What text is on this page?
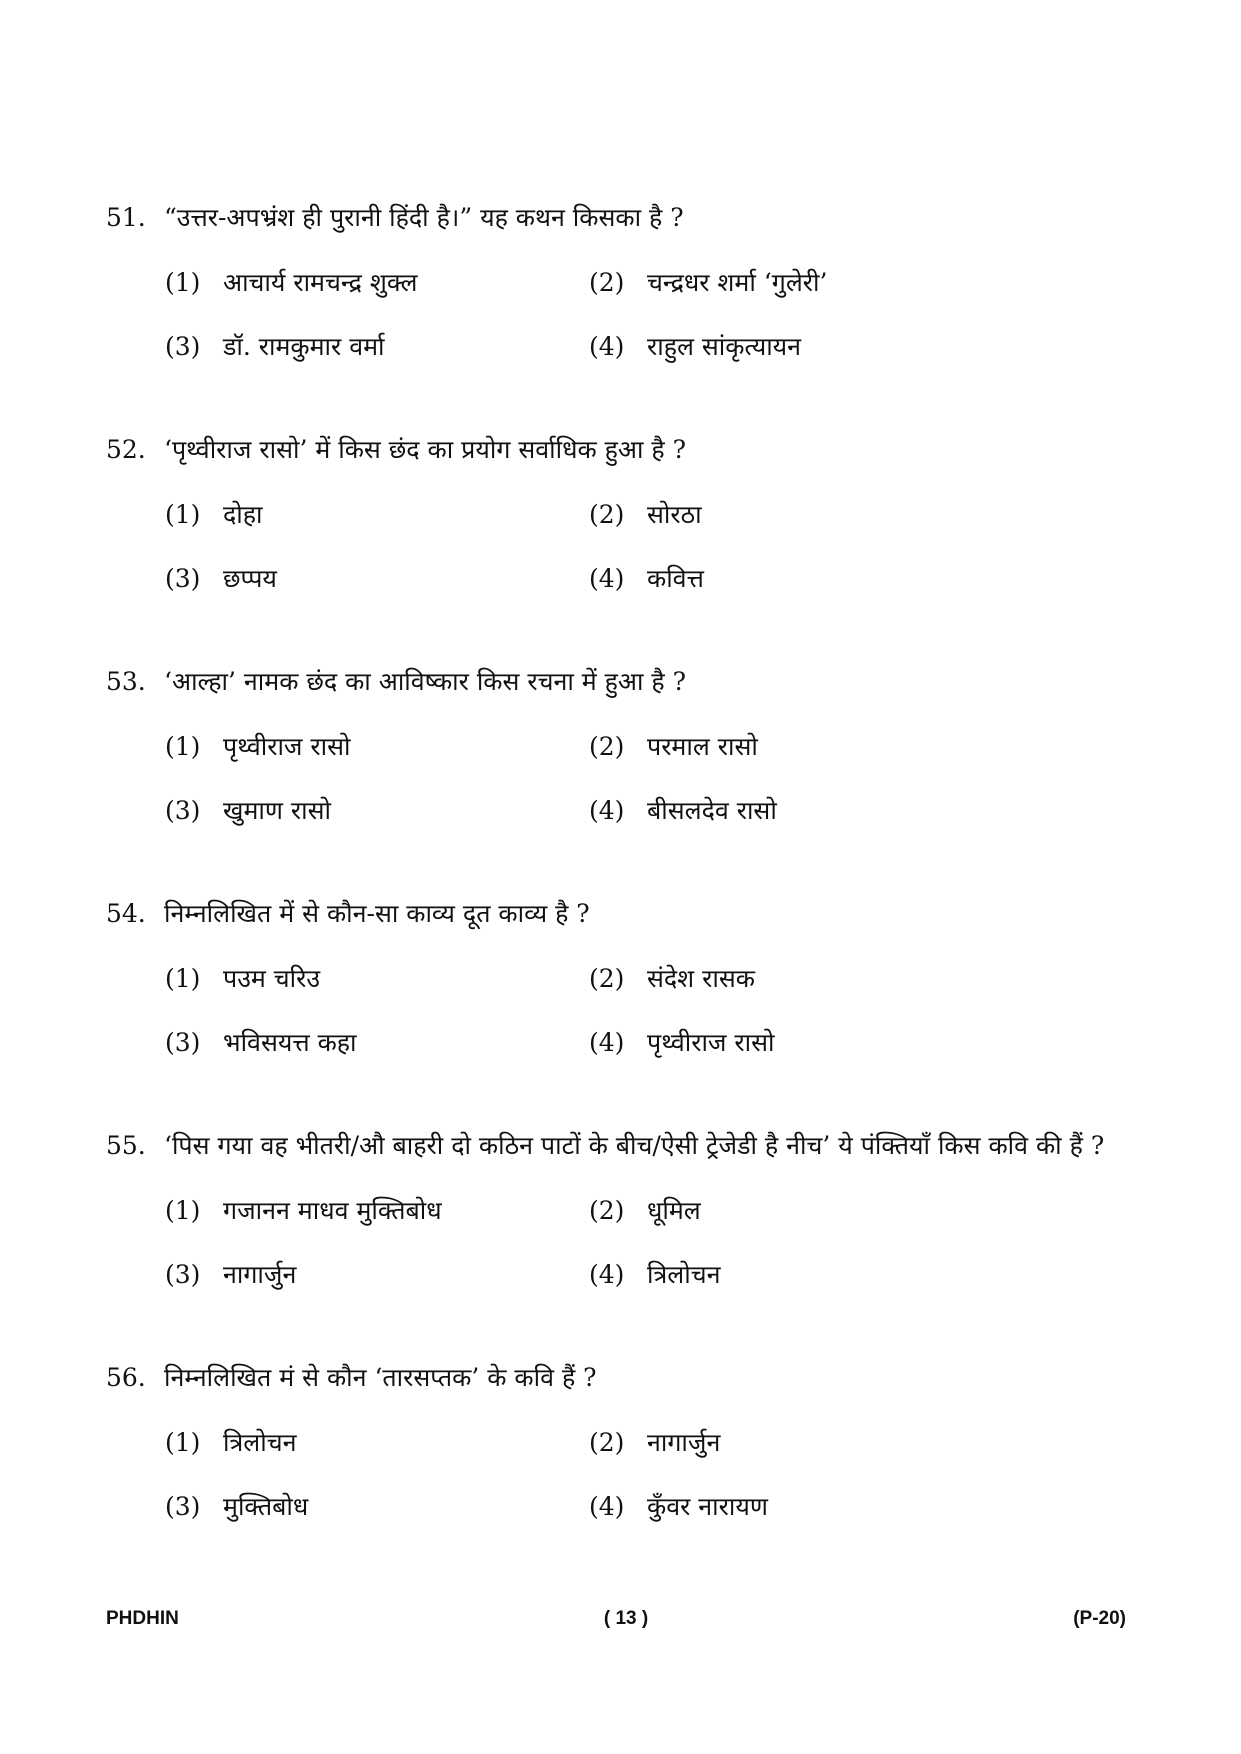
51. “उत्तर-अपभ्रंश ही पुरानी हिंदी है।” यह कथन किसका है ?
(1) आचार्य रामचन्द्र शुक्ल	(2) चन्द्रधर शर्मा ‘गुलेरी’
(3) डॉ. रामकुमार वर्मा	(4) राहुल सांकृत्यायन
52. ‘पृथ्वीराज रासो’ में किस छंद का प्रयोग सर्वाधिक हुआ है ?
(1) दोहा	(2) सोरठा
(3) छप्पय	(4) कवित्त
53. ‘आल्हा’ नामक छंद का आविष्कार किस रचना में हुआ है ?
(1) पृथ्वीराज रासो	(2) परमाल रासो
(3) खुमाण रासो	(4) बीसलदेव रासो
54. निम्नलिखित में से कौन-सा काव्य दूत काव्य है ?
(1) पउम चरिउ	(2) संदेश रासक
(3) भविसयत्त कहा	(4) पृथ्वीराज रासो
55. ‘पिस गया वह भीतरी/औ बाहरी दो कठिन पाटों के बीच/ऐसी ट्रेजेडी है नीच’ ये पंक्तियाँ किस कवि की हैं ?
(1) गजानन माधव मुक्तिबोध	(2) धूमिल
(3) नागार्जुन	(4) त्रिलोचन
56. निम्नलिखित मं से कौन ‘तारसप्तक’ के कवि हैं ?
(1) त्रिलोचन	(2) नागार्जुन
(3) मुक्तिबोध	(4) कुँवर नारायण
PHDHIN	( 13 )	(P-20)
